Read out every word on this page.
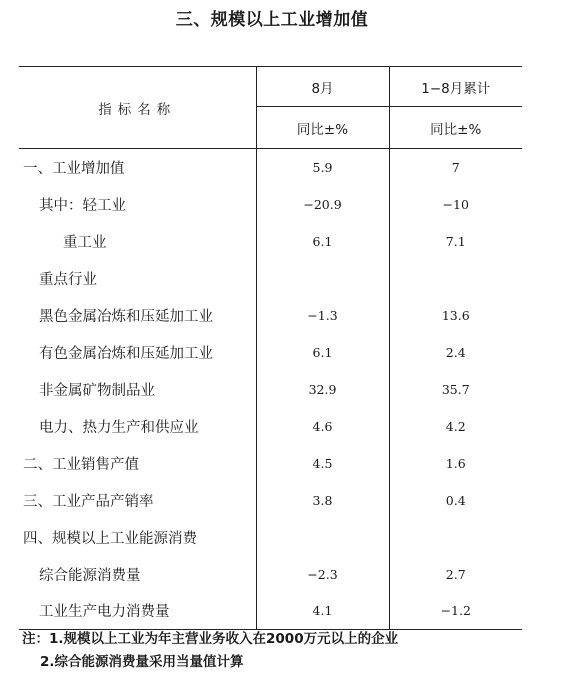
三、规模以上工业增加值
指标名称	8月	1−8月累计
	同比±%	同比±%
一、工业增加值	5.9	7
其中：轻工业	−20.9	−10
重工业	6.1	7.1
重点行业		
黑色金属冶炼和压延加工业	−1.3	13.6
有色金属冶炼和压延加工业	6.1	2.4
非金属矿物制品业	32.9	35.7
电力、热力生产和供应业	4.6	4.2
二、工业销售产值	4.5	1.6
三、工业产品产销率	3.8	0.4
四、规模以上工业能源消费		
综合能源消费量	−2.3	2.7
工业生产电力消费量	4.1	−1.2
注：1.规模以上工业为年主营业务收入在2000万元以上的企业
2.综合能源消费量采用当量值计算
